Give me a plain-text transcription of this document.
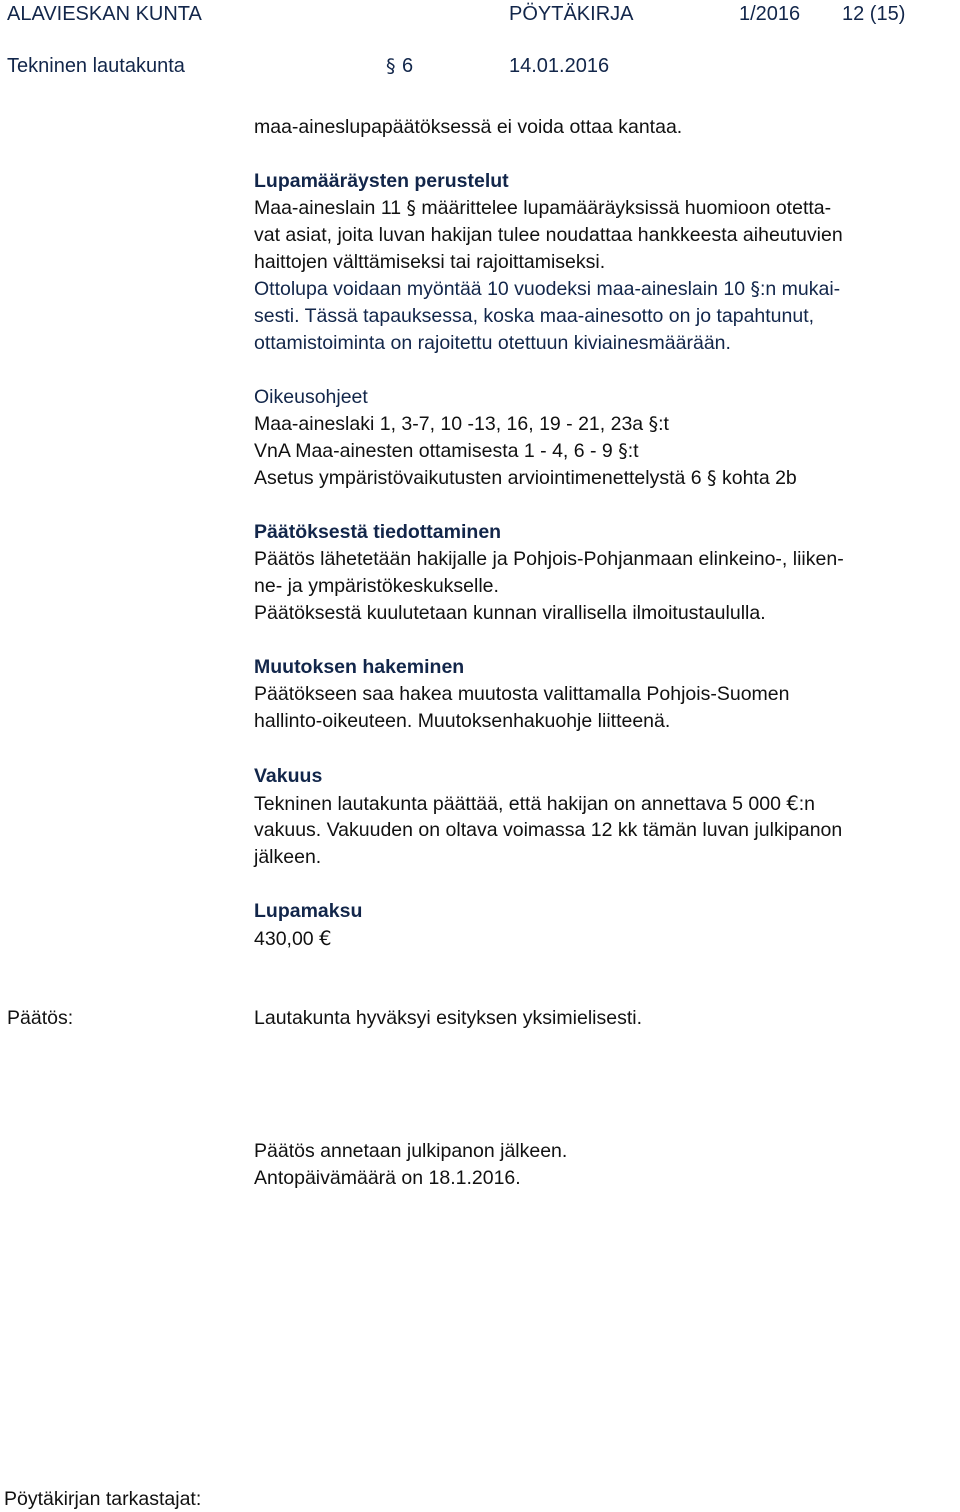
ALAVIESKAN KUNTA	PÖYTÄKIRJA	1/2016 12 (15)
Tekninen lautakunta	§ 6	14.01.2016
maa-aineslupapäätöksessä ei voida ottaa kantaa.
Lupamääräysten perustelut
Maa-aineslain 11 § määrittelee lupamääräyksissä huomioon otetta-
vat asiat, joita luvan hakijan tulee noudattaa hankkeesta aiheutuvien
haittojen välttämiseksi tai rajoittamiseksi.
Ottolupa voidaan myöntää 10 vuodeksi maa-aineslain 10 §:n mukai-
sesti. Tässä tapauksessa, koska maa-ainesotto on jo tapahtunut,
ottamistoiminta on rajoitettu otettuun kiviainesmäärään.
Oikeusohjeet
Maa-aineslaki 1, 3-7, 10 -13, 16, 19 - 21, 23a §:t
VnA Maa-ainesten ottamisesta 1 - 4, 6 - 9 §:t
Asetus ympäristövaikutusten arviointimenettelystä 6 § kohta 2b
Päätöksestä tiedottaminen
Päätös lähetetään hakijalle ja Pohjois-Pohjanmaan elinkeino-, liiken-
ne- ja ympäristökeskukselle.
Päätöksestä kuulutetaan kunnan virallisella ilmoitustaululla.
Muutoksen hakeminen
Päätökseen saa hakea muutosta valittamalla Pohjois-Suomen
hallinto-oikeuteen. Muutoksenhakuohje liitteenä.
Vakuus
Tekninen lautakunta päättää, että hakijan on annettava 5 000 €:n
vakuus. Vakuuden on oltava voimassa 12 kk tämän luvan julkipanon
jälkeen.
Lupamaksu
430,00 €
Päätös:	Lautakunta hyväksyi esityksen yksimielisesti.
Päätös annetaan julkipanon jälkeen.
Antopäivämäärä on 18.1.2016.
Pöytäkirjan tarkastajat:
